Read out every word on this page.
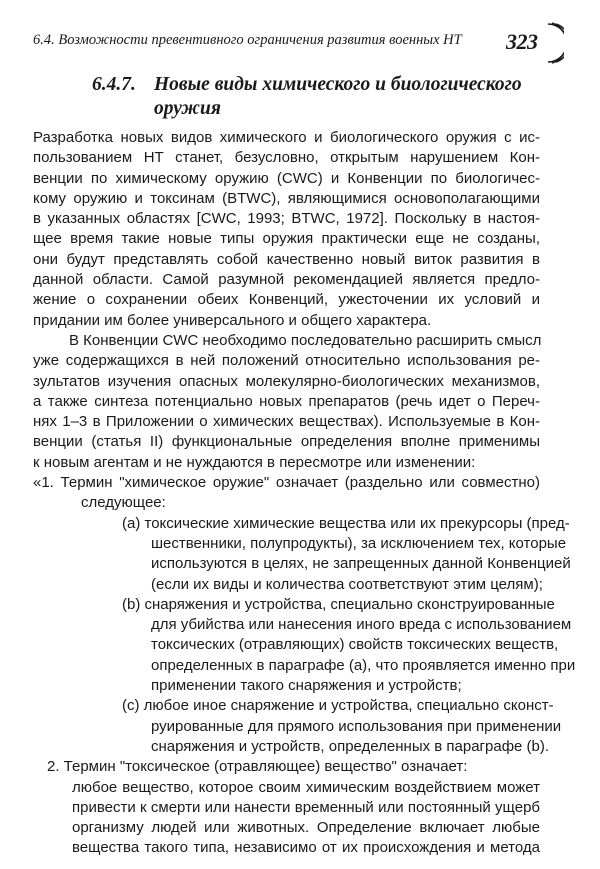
6.4. Возможности превентивного ограничения развития военных НТ	323
6.4.7. Новые виды химического и биологического
оружия
Разработка новых видов химического и биологического оружия с ис-
пользованием НТ станет, безусловно, открытым нарушением Кон-
венции по химическому оружию (CWC) и Конвенции по биологичес-
кому оружию и токсинам (BTWC), являющимися основополагающими
в указанных областях [CWC, 1993; BTWC, 1972]. Поскольку в настоя-
щее время такие новые типы оружия практически еще не созданы,
они будут представлять собой качественно новый виток развития в
данной области. Самой разумной рекомендацией является предло-
жение о сохранении обеих Конвенций, ужесточении их условий и
придании им более универсального и общего характера.
В Конвенции CWC необходимо последовательно расширить смысл
уже содержащихся в ней положений относительно использования ре-
зультатов изучения опасных молекулярно-биологических механизмов,
а также синтеза потенциально новых препаратов (речь идет о Переч-
нях 1–3 в Приложении о химических веществах). Используемые в Кон-
венции (статья II) функциональные определения вполне применимы
к новым агентам и не нуждаются в пересмотре или изменении:
«1. Термин "химическое оружие" означает (раздельно или совместно)
следующее:
(a) токсические химические вещества или их прекурсоры (пред-
шественники, полупродукты), за исключением тех, которые
используются в целях, не запрещенных данной Конвенцией
(если их виды и количества соответствуют этим целям);
(b) снаряжения и устройства, специально сконструированные
для убийства или нанесения иного вреда с использованием
токсических (отравляющих) свойств токсических веществ,
определенных в параграфе (a), что проявляется именно при
применении такого снаряжения и устройств;
(c) любое иное снаряжение и устройства, специально сконст-
руированные для прямого использования при применении
снаряжения и устройств, определенных в параграфе (b).
2. Термин "токсическое (отравляющее) вещество" означает:
любое вещество, которое своим химическим воздействием может
привести к смерти или нанести временный или постоянный ущерб
организму людей или животных. Определение включает любые
вещества такого типа, независимо от их происхождения и метода
